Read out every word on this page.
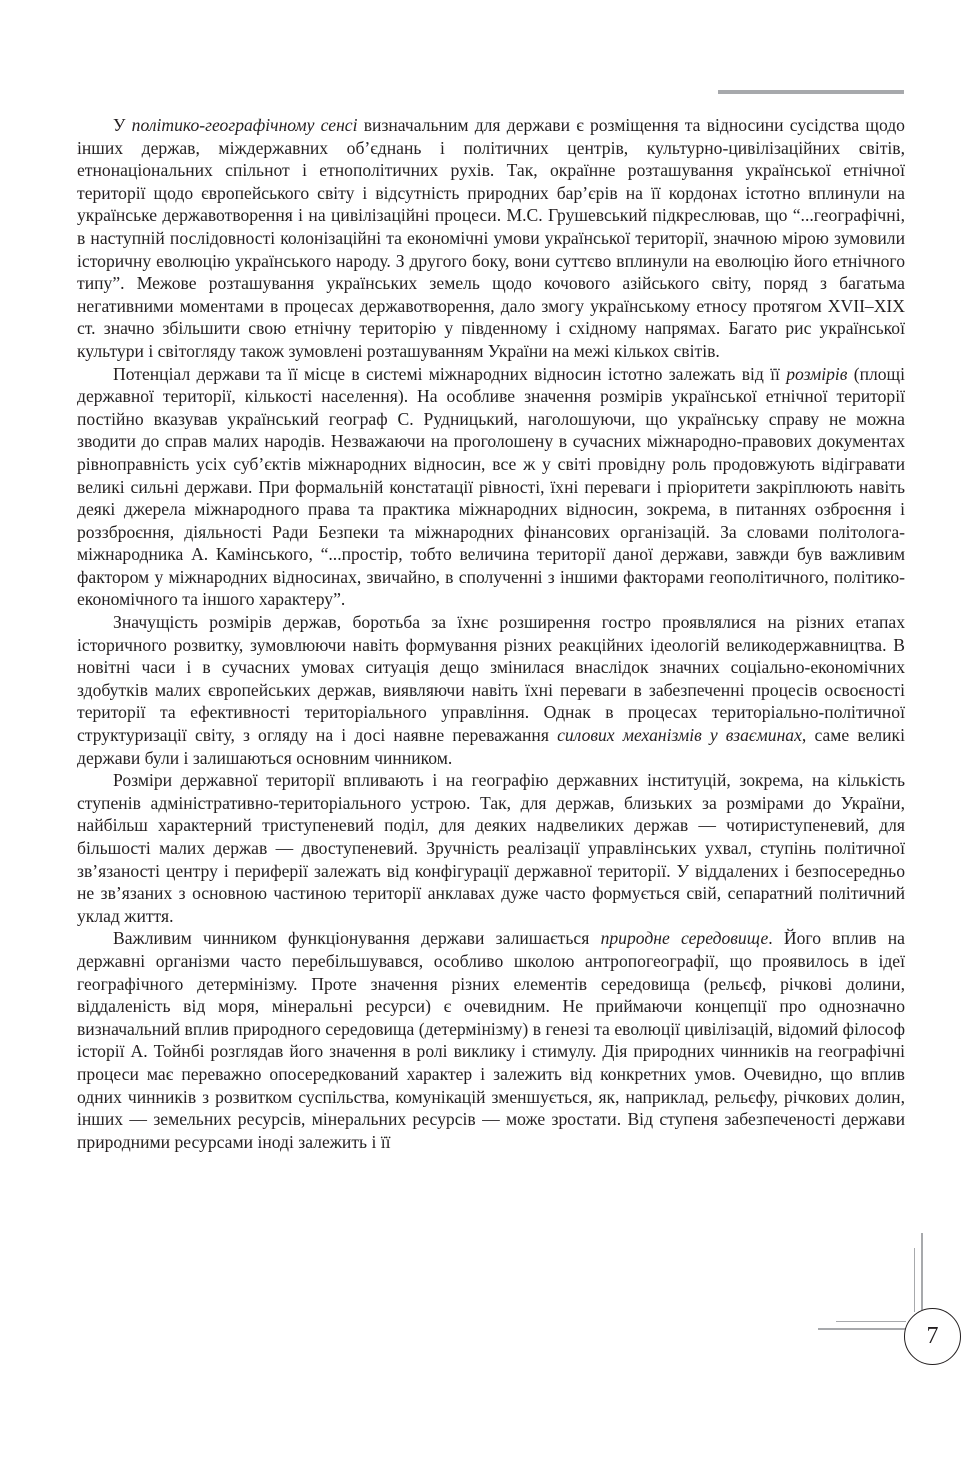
У політико-географічному сенсі визначальним для держави є розміщення та відносини сусідства щодо інших держав, міждержавних об’єднань і політичних центрів, культурно-цивілізаційних світів, етнонаціональних спільнот і етнополітичних рухів. Так, окраїнне розташування української етнічної території щодо європейського світу і відсутність природних бар’єрів на її кордонах істотно вплинули на українське державотворення і на цивілізаційні процеси. М.С. Грушевський підкреслював, що “...географічні, в наступній послідовності колонізаційні та економічні умови української території, значною мірою зумовили історичну еволюцію українського народу. З другого боку, вони суттєво вплинули на еволюцію його етнічного типу”. Межове розташування українських земель щодо кочового азійського світу, поряд з багатьма негативними моментами в процесах державотворення, дало змогу українському етносу протягом XVII–XIX ст. значно збільшити свою етнічну територію у південному і східному напрямах. Багато рис української культури і світогляду також зумовлені розташуванням України на межі кількох світів.

Потенціал держави та її місце в системі міжнародних відносин істотно залежать від її розмірів (площі державної території, кількості населення). На особливе значення розмірів української етнічної території постійно вказував український географ С. Рудницький, наголошуючи, що українську справу не можна зводити до справ малих народів. Незважаючи на проголошену в сучасних міжнародно-правових документах рівноправність усіх суб’єктів міжнародних відносин, все ж у світі провідну роль продовжують відігравати великі сильні держави. При формальній констатації рівності, їхні переваги і пріоритети закріплюють навіть деякі джерела міжнародного права та практика міжнародних відносин, зокрема, в питаннях озброєння і роззброєння, діяльності Ради Безпеки та міжнародних фінансових організацій. За словами політолога-міжнародника А. Камінського, “...простір, тобто величина території даної держави, завжди був важливим фактором у міжнародних відносинах, звичайно, в сполученні з іншими факторами геополітичного, політико-економічного та іншого характеру”.

Значущість розмірів держав, боротьба за їхнє розширення гостро проявлялися на різних етапах історичного розвитку, зумовлюючи навіть формування різних реакційних ідеологій великодержавництва. В новітні часи і в сучасних умовах ситуація дещо змінилася внаслідок значних соціально-економічних здобутків малих європейських держав, виявляючи навіть їхні переваги в забезпеченні процесів освоєності території та ефективності територіального управління. Однак в процесах територіально-політичної структуризації світу, з огляду на і досі наявне переважання силових механізмів у взаєминах, саме великі держави були і залишаються основним чинником.

Розміри державної території впливають і на географію державних інституцій, зокрема, на кількість ступенів адміністративно-територіального устрою. Так, для держав, близьких за розмірами до України, найбільш характерний триступеневий поділ, для деяких надвеликих держав — чотириступеневий, для більшості малих держав — двоступеневий. Зручність реалізації управлінських ухвал, ступінь політичної зв’язаності центру і периферії залежать від конфігурації державної території. У віддалених і безпосередньо не зв’язаних з основною частиною території анклавах дуже часто формується свій, сепаратний політичний уклад життя.

Важливим чинником функціонування держави залишається природне середовище. Його вплив на державні організми часто перебільшувався, особливо школою антропогеографії, що проявилось в ідеї географічного детермінізму. Проте значення різних елементів середовища (рельєф, річкові долини, віддаленість від моря, мінеральні ресурси) є очевидним. Не приймаючи концепції про однозначно визначальний вплив природного середовища (детермінізму) в генезі та еволюції цивілізацій, відомий філософ історії А. Тойнбі розглядав його значення в ролі виклику і стимулу. Дія природних чинників на географічні процеси має переважно опосередкований характер і залежить від конкретних умов. Очевидно, що вплив одних чинників з розвитком суспільства, комунікацій зменшується, як, наприклад, рельєфу, річкових долин, інших — земельних ресурсів, мінеральних ресурсів — може зростати. Від ступеня забезпеченості держави природними ресурсами іноді залежить і її

7
